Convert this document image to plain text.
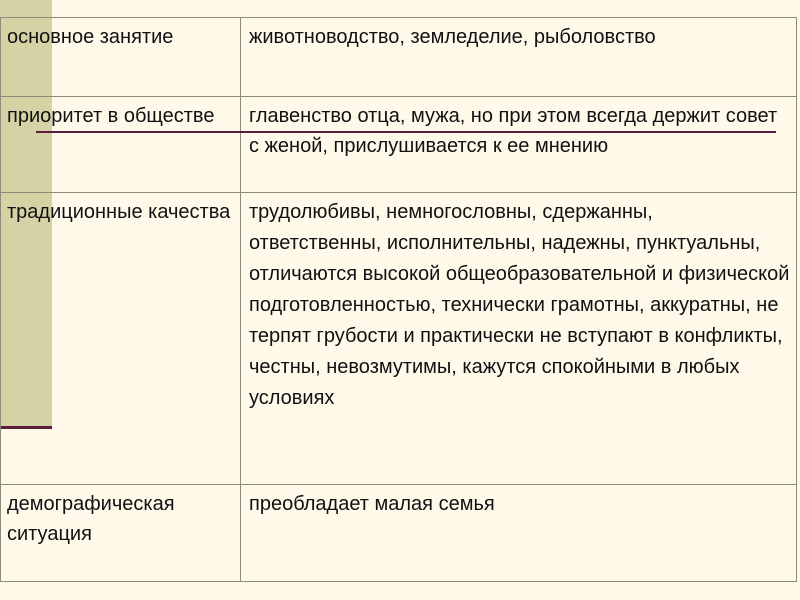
основное занятие	животноводство, земледелие, рыболовство
приоритет в обществе	главенство отца, мужа, но при этом всегда держит совет с женой, прислушивается к ее мнению
традиционные качества	трудолюбивы, немногословны, сдержанны, ответственны, исполнительны, надежны, пунктуальны, отличаются высокой общеобразовательной и физической подготовленностью, технически грамотны, аккуратны, не терпят грубости и практически не вступают в конфликты, честны, невозмутимы, кажутся спокойными в любых условиях
демографическая ситуация	преобладает малая семья
